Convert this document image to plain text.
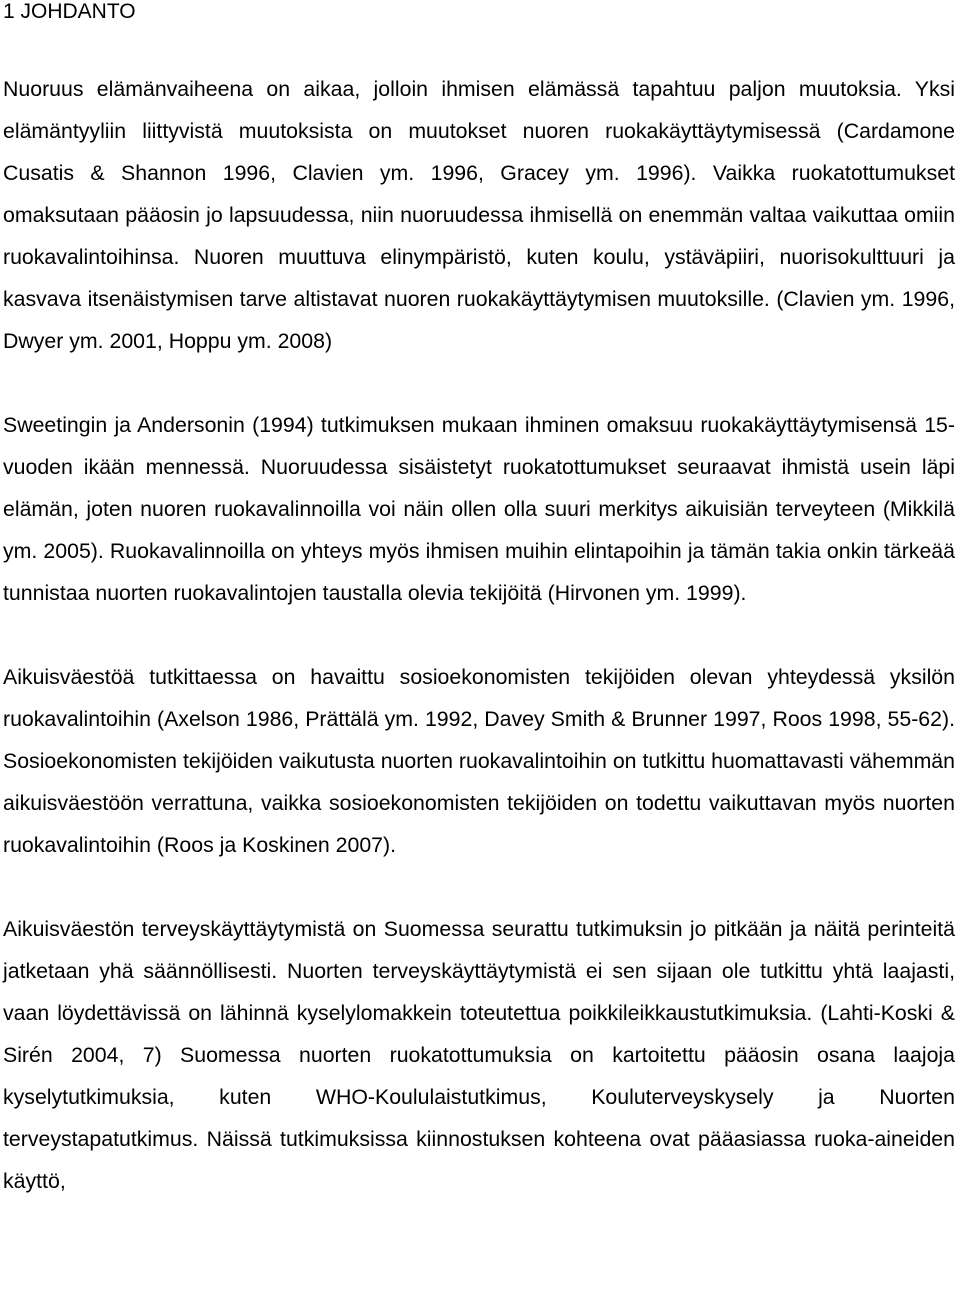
1 JOHDANTO

Nuoruus elämänvaiheena on aikaa, jolloin ihmisen elämässä tapahtuu paljon muutoksia. Yksi elämäntyyliin liittyvistä muutoksista on muutokset nuoren ruokakäyttäytymisessä (Cardamone Cusatis & Shannon 1996, Clavien ym. 1996, Gracey ym. 1996). Vaikka ruokatottumukset omaksutaan pääosin jo lapsuudessa, niin nuoruudessa ihmisellä on enemmän valtaa vaikuttaa omiin ruokavalintoihinsa. Nuoren muuttuva elinympäristö, kuten koulu, ystäväpiiri, nuorisokulttuuri ja kasvava itsenäistymisen tarve altistavat nuoren ruokakäyttäytymisen muutoksille. (Clavien ym. 1996, Dwyer ym. 2001, Hoppu ym. 2008)

Sweetingin ja Andersonin (1994) tutkimuksen mukaan ihminen omaksuu ruokakäyttäytymisensä 15-vuoden ikään mennessä. Nuoruudessa sisäistetyt ruokatottumukset seuraavat ihmistä usein läpi elämän, joten nuoren ruokavalinnoilla voi näin ollen olla suuri merkitys aikuisiän terveyteen (Mikkilä ym. 2005). Ruokavalinnoilla on yhteys myös ihmisen muihin elintapoihin ja tämän takia onkin tärkeää tunnistaa nuorten ruokavalintojen taustalla olevia tekijöitä (Hirvonen ym. 1999).

Aikuisväestöä tutkittaessa on havaittu sosioekonomisten tekijöiden olevan yhteydessä yksilön ruokavalintoihin (Axelson 1986, Prättälä ym. 1992, Davey Smith & Brunner 1997, Roos 1998, 55-62). Sosioekonomisten tekijöiden vaikutusta nuorten ruokavalintoihin on tutkittu huomattavasti vähemmän aikuisväestöön verrattuna, vaikka sosioekonomisten tekijöiden on todettu vaikuttavan myös nuorten ruokavalintoihin (Roos ja Koskinen 2007).

Aikuisväestön terveyskäyttäytymistä on Suomessa seurattu tutkimuksin jo pitkään ja näitä perinteitä jatketaan yhä säännöllisesti. Nuorten terveyskäyttäytymistä ei sen sijaan ole tutkittu yhtä laajasti, vaan löydettävissä on lähinnä kyselylomakkein toteutettua poikkileikkaustutkimuksia. (Lahti-Koski & Sirén 2004, 7) Suomessa nuorten ruokatottumuksia on kartoitettu pääosin osana laajoja kyselytutkimuksia, kuten WHO-Koululaistutkimus, Kouluterveyskysely ja Nuorten terveystapatutkimus. Näissä tutkimuksissa kiinnostuksen kohteena ovat pääasiassa ruoka-aineiden käyttö,
